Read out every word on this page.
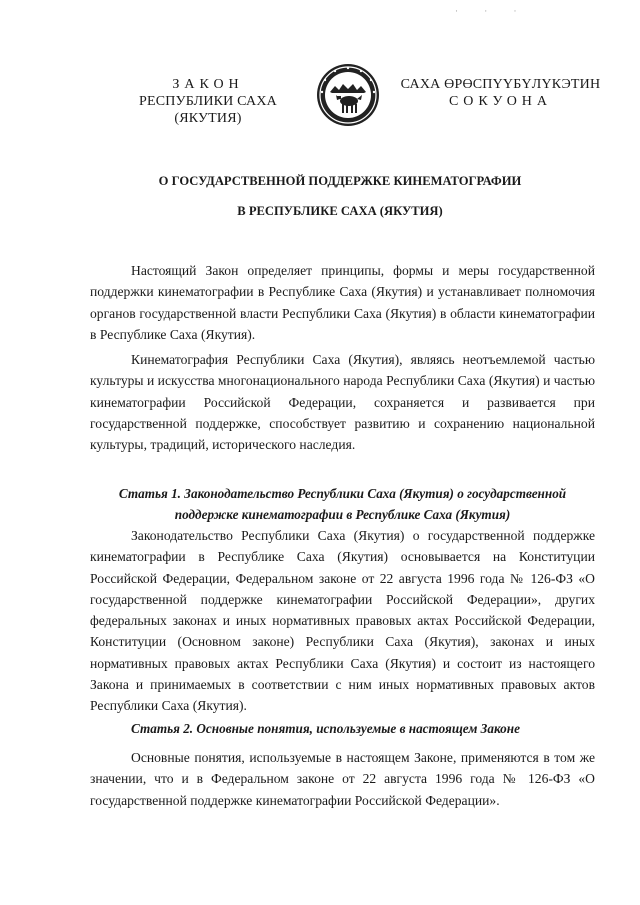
· · ·
ЗАКОН
РЕСПУБЛИКИ САХА (ЯКУТИЯ)
САХА ӨРӨСПҮҮБҮЛҮКЭТИН
СОКУОНА
О ГОСУДАРСТВЕННОЙ ПОДДЕРЖКЕ КИНЕМАТОГРАФИИ
В РЕСПУБЛИКЕ САХА (ЯКУТИЯ)

Настоящий Закон определяет принципы, формы и меры государственной поддержки кинематографии в Республике Саха (Якутия) и устанавливает полномочия органов государственной власти Республики Саха (Якутия) в области кинематографии в Республике Саха (Якутия).

Кинематография Республики Саха (Якутия), являясь неотъемлемой частью культуры и искусства многонационального народа Республики Саха (Якутия) и частью кинематографии Российской Федерации, сохраняется и развивается при государственной поддержке, способствует развитию и сохранению национальной культуры, традиций, исторического наследия.

Статья 1. Законодательство Республики Саха (Якутия) о государственной
поддержке кинематографии в Республике Саха (Якутия)

Законодательство Республики Саха (Якутия) о государственной поддержке кинематографии в Республике Саха (Якутия) основывается на Конституции Российской Федерации, Федеральном законе от 22 августа 1996 года № 126-ФЗ «О государственной поддержке кинематографии Российской Федерации», других федеральных законах и иных нормативных правовых актах Российской Федерации, Конституции (Основном законе) Республики Саха (Якутия), законах и иных нормативных правовых актах Республики Саха (Якутия) и состоит из настоящего Закона и принимаемых в соответствии с ним иных нормативных правовых актов Республики Саха (Якутия).

Статья 2. Основные понятия, используемые в настоящем Законе

Основные понятия, используемые в настоящем Законе, применяются в том же значении, что и в Федеральном законе от 22 августа 1996 года № 126-ФЗ «О государственной поддержке кинематографии Российской Федерации».
